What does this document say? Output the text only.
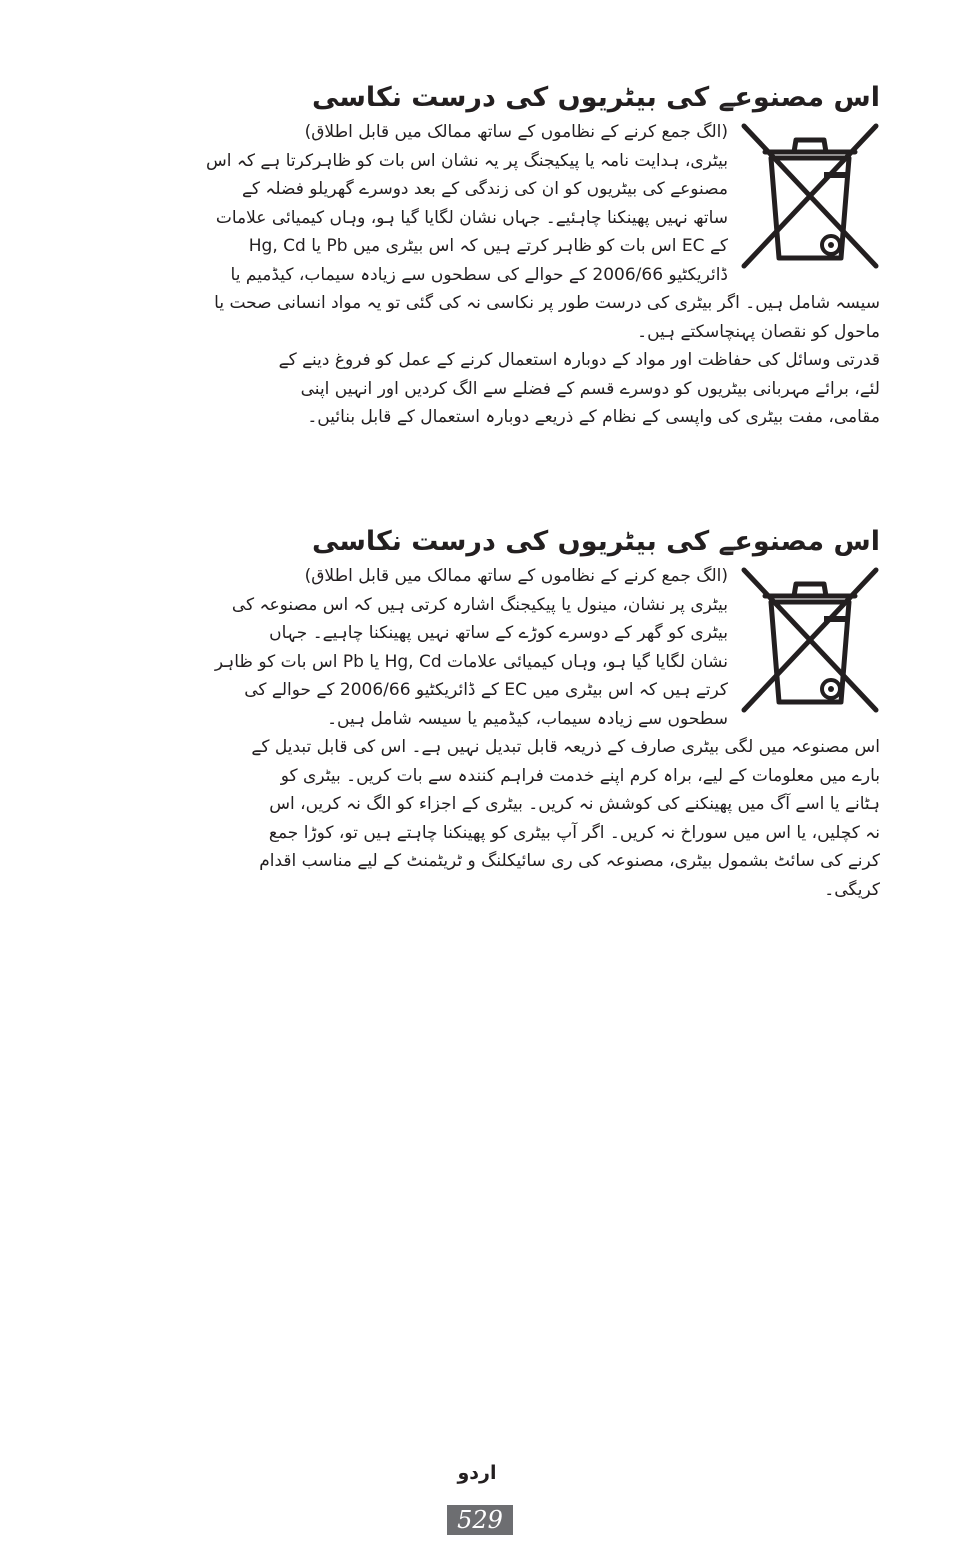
اس مصنوعے کی بیٹریوں کی درست نکاسی

(الگ جمع کرنے کے نظاموں کے ساتھ ممالک میں قابل اطلاق)

بیٹری، ہدایت نامہ یا پیکیجنگ پر یہ نشان اس بات کو ظاہرکرتا ہے کہ اس

مصنوعے کی بیٹریوں کو ان کی زندگی کے بعد دوسرے گھریلو فضلہ کے

ساتھ نہیں پھینکنا چاہئیے۔ جہاں نشان لگایا گیا ہو، وہاں کیمیائی علامات

Hg, Cd یا Pb اس بات کو ظاہر کرتے ہیں کہ اس بیٹری میں EC کے

ڈائریکٹیو 2006/66 کے حوالے کی سطحوں سے زیادہ سیماب، کیڈمیم یا

سیسہ شامل ہیں۔ اگر بیٹری کی درست طور پر نکاسی نہ کی گئی تو یہ مواد انسانی صحت یا

ماحول کو نقصان پہنچاسکتے ہیں۔

قدرتی وسائل کی حفاظت اور مواد کے دوبارہ استعمال کرنے کے عمل کو فروغ دینے کے

لئے، برائے مہربانی بیٹریوں کو دوسرے قسم کے فضلے سے الگ کردیں اور انہیں اپنی

مقامی، مفت بیٹری کی واپسی کے نظام کے ذریعے دوبارہ استعمال کے قابل بنائیں۔

اس مصنوعے کی بیٹریوں کی درست نکاسی

(الگ جمع کرنے کے نظاموں کے ساتھ ممالک میں قابل اطلاق)

بیٹری پر نشان، مینول یا پیکیجنگ اشارہ کرتی ہیں کہ اس مصنوعہ کی

بیٹری کو گھر کے دوسرے کوڑے کے ساتھ نہیں پھینکنا چاہیے۔ جہاں

نشان لگایا گیا ہو، وہاں کیمیائی علامات Hg, Cd یا Pb اس بات کو ظاہر

کرتے ہیں کہ اس بیٹری میں EC کے ڈائریکٹیو 2006/66 کے حوالے کی

سطحوں سے زیادہ سیماب، کیڈمیم یا سیسہ شامل ہیں۔

اس مصنوعہ میں لگی بیٹری صارف کے ذریعہ قابل تبدیل نہیں ہے۔ اس کی قابل تبدیل کے

بارے میں معلومات کے لیے، براہ کرم اپنے خدمت فراہم کنندہ سے بات کریں۔ بیٹری کو

ہٹانے یا اسے آگ میں پھینکنے کی کوشش نہ کریں۔ بیٹری کے اجزاء کو الگ نہ کریں، اس

نہ کچلیں، یا اس میں سوراخ نہ کریں۔ اگر آپ بیٹری کو پھینکنا چاہتے ہیں تو، کوڑا جمع

کرنے کی سائٹ بشمول بیٹری، مصنوعہ کی ری سائیکلنگ و ٹریٹمنٹ کے لیے مناسب اقدام

کریگی۔

اردو
529
